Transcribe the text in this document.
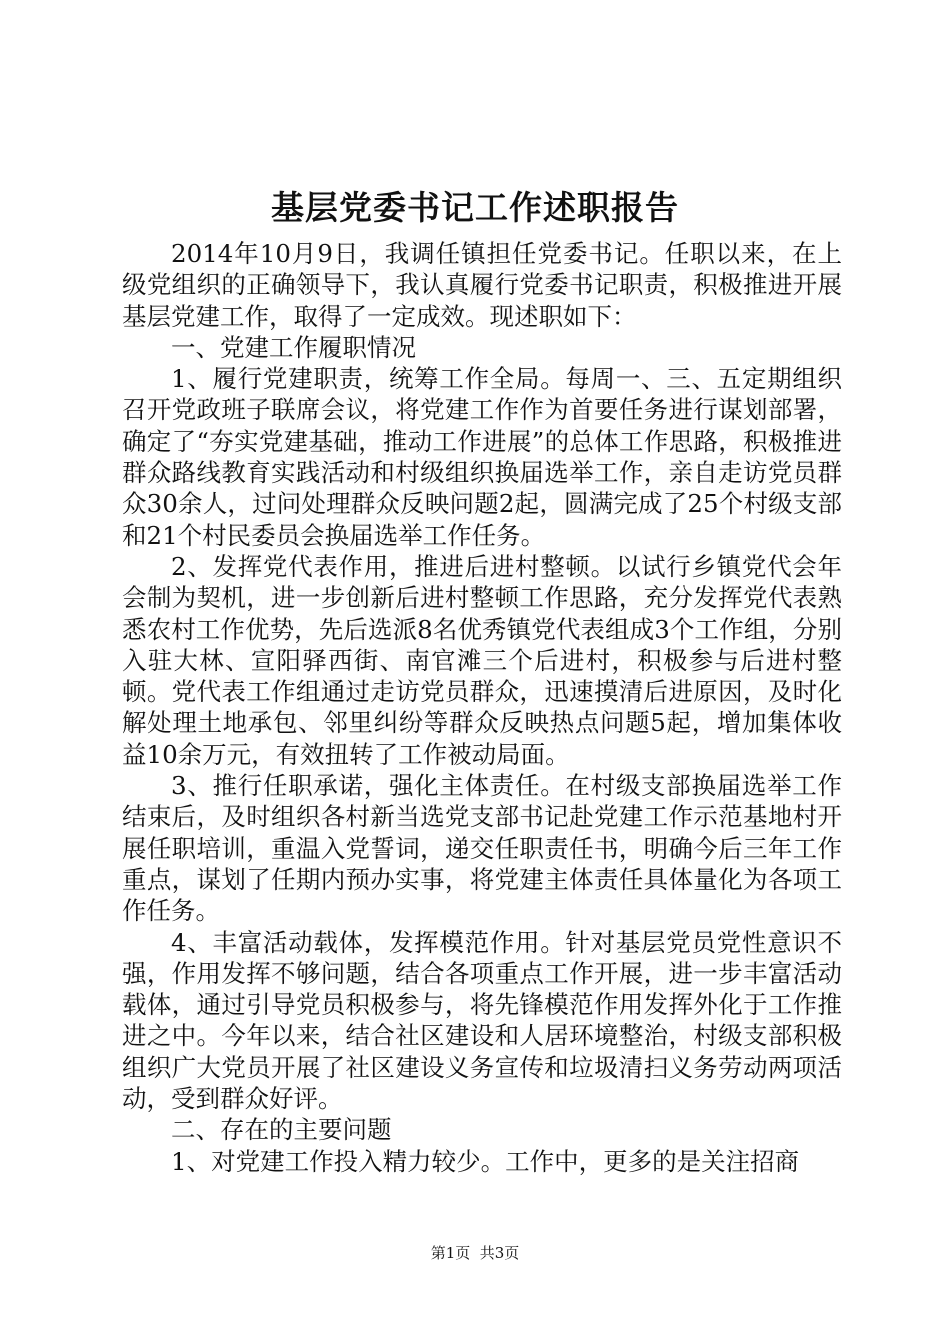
基层党委书记工作述职报告

2014年10月9日，我调任镇担任党委书记。任职以来，在上级党组织的正确领导下，我认真履行党委书记职责，积极推进开展基层党建工作，取得了一定成效。现述职如下：

一、党建工作履职情况

1、履行党建职责，统筹工作全局。每周一、三、五定期组织召开党政班子联席会议，将党建工作作为首要任务进行谋划部署，确定了“夯实党建基础，推动工作进展”的总体工作思路，积极推进群众路线教育实践活动和村级组织换届选举工作，亲自走访党员群众30余人，过问处理群众反映问题2起，圆满完成了25个村级支部和21个村民委员会换届选举工作任务。

2、发挥党代表作用，推进后进村整顿。以试行乡镇党代会年会制为契机，进一步创新后进村整顿工作思路，充分发挥党代表熟悉农村工作优势，先后选派8名优秀镇党代表组成3个工作组，分别入驻大林、宣阳驿西街、南官滩三个后进村，积极参与后进村整顿。党代表工作组通过走访党员群众，迅速摸清后进原因，及时化解处理土地承包、邻里纠纷等群众反映热点问题5起，增加集体收益10余万元，有效扭转了工作被动局面。

3、推行任职承诺，强化主体责任。在村级支部换届选举工作结束后，及时组织各村新当选党支部书记赴党建工作示范基地村开展任职培训，重温入党誓词，递交任职责任书，明确今后三年工作重点，谋划了任期内预办实事，将党建主体责任具体量化为各项工作任务。

4、丰富活动载体，发挥模范作用。针对基层党员党性意识不强，作用发挥不够问题，结合各项重点工作开展，进一步丰富活动载体，通过引导党员积极参与，将先锋模范作用发挥外化于工作推进之中。今年以来，结合社区建设和人居环境整治，村级支部积极组织广大党员开展了社区建设义务宣传和垃圾清扫义务劳动两项活动，受到群众好评。

二、存在的主要问题

1、对党建工作投入精力较少。工作中，更多的是关注招商

第1页  共3页
